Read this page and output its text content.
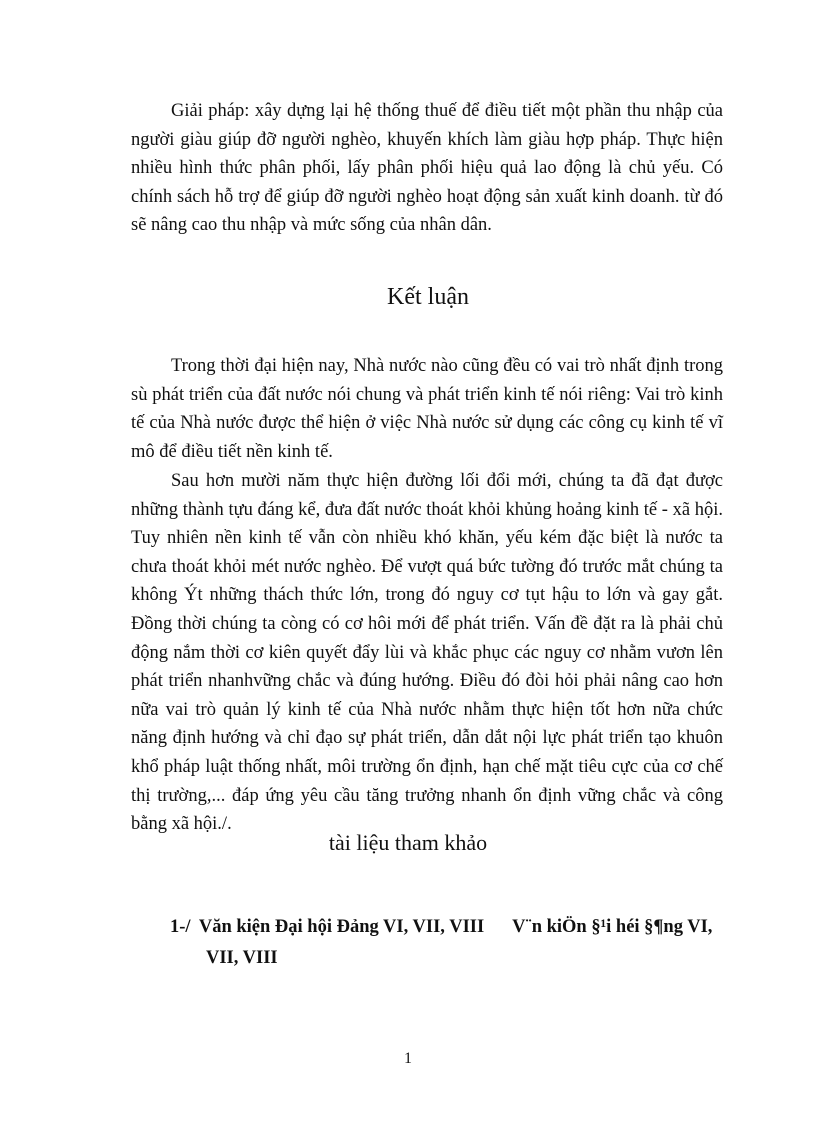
Giải pháp: xây dựng lại hệ thống thuế để điều tiết một phần thu nhập của người giàu giúp đỡ người nghèo, khuyến khích làm giàu hợp pháp. Thực hiện nhiều hình thức phân phối, lấy phân phối hiệu quả lao động là chủ yếu. Có chính sách hỗ trợ để giúp đỡ người nghèo hoạt động sản xuất kinh doanh. từ đó sẽ nâng cao thu nhập và mức sống của nhân dân.

Kết luận

Trong thời đại hiện nay, Nhà nước nào cũng đều có vai trò nhất định trong sù phát triển của đất nước nói chung và phát triển kinh tế nói riêng: Vai trò kinh tế của Nhà nước được thể hiện ở việc Nhà nước sử dụng các công cụ kinh tế vĩ mô để điều tiết nền kinh tế.

Sau hơn mười năm thực hiện đường lối đổi mới, chúng ta đã đạt được những thành tựu đáng kể, đưa đất nước thoát khỏi khủng hoảng kinh tế - xã hội. Tuy nhiên nền kinh tế vẫn còn nhiều khó khăn, yếu kém đặc biệt là nước ta chưa thoát khỏi mét nước nghèo. Để vượt quá bức tường đó trước mắt chúng ta không Ýt những thách thức lớn, trong đó nguy cơ tụt hậu to lớn và gay gắt. Đồng thời chúng ta còng có cơ hôi mới để phát triển. Vấn đề đặt ra là phải chủ động nắm thời cơ kiên quyết đẩy lùi và khắc phục các nguy cơ nhằm vươn lên phát triển nhanhvững chắc và đúng hướng. Điều đó đòi hỏi phải nâng cao hơn nữa vai trò quản lý kinh tế của Nhà nước nhằm thực hiện tốt hơn nữa chức năng định hướng và chỉ đạo sự phát triển, dẫn dắt nội lực phát triển tạo khuôn khổ pháp luật thống nhất, môi trường ổn định, hạn chế mặt tiêu cực của cơ chế thị trường,... đáp ứng yêu cầu tăng trưởng nhanh ổn định vững chắc và công bằng xã hội./.

tài liệu tham khảo
1-/ Văn kiện Đại hội Đảng VI, VII, VIII V¨n kiÖn §¹i héi §¶ng VI,
VII, VIII
1
